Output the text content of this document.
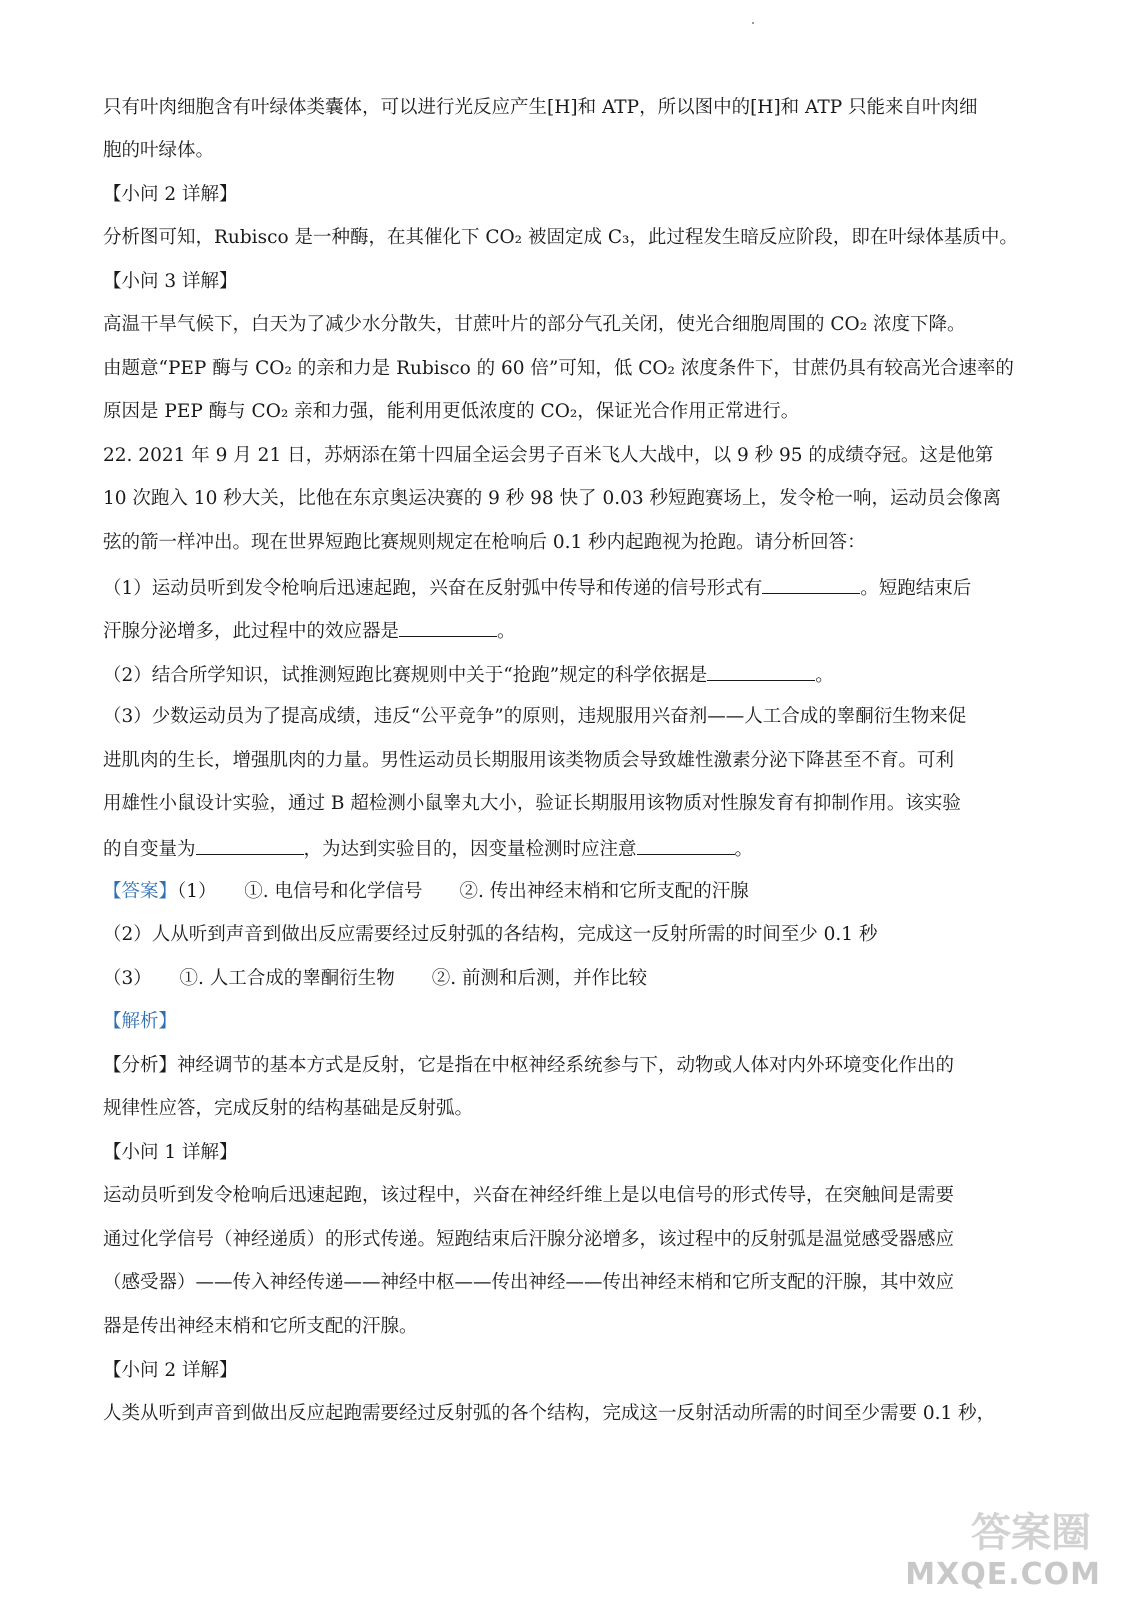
只有叶肉细胞含有叶绿体类囊体，可以进行光反应产生[H]和 ATP，所以图中的[H]和 ATP 只能来自叶肉细
胞的叶绿体。
【小问 2 详解】
分析图可知，Rubisco 是一种酶，在其催化下 CO₂ 被固定成 C₃，此过程发生暗反应阶段，即在叶绿体基质中。
【小问 3 详解】
高温干旱气候下，白天为了减少水分散失，甘蔗叶片的部分气孔关闭，使光合细胞周围的 CO₂ 浓度下降。
由题意“PEP 酶与 CO₂ 的亲和力是 Rubisco 的 60 倍”可知，低 CO₂ 浓度条件下，甘蔗仍具有较高光合速率的
原因是 PEP 酶与 CO₂ 亲和力强，能利用更低浓度的 CO₂，保证光合作用正常进行。
22. 2021 年 9 月 21 日，苏炳添在第十四届全运会男子百米飞人大战中，以 9 秒 95 的成绩夺冠。这是他第
10 次跑入 10 秒大关，比他在东京奥运决赛的 9 秒 98 快了 0.03 秒短跑赛场上，发令枪一响，运动员会像离
弦的箭一样冲出。现在世界短跑比赛规则规定在枪响后 0.1 秒内起跑视为抢跑。请分析回答：
（1）运动员听到发令枪响后迅速起跑，兴奋在反射弧中传导和传递的信号形式有	。短跑结束后
汗腺分泌增多，此过程中的效应器是	。
（2）结合所学知识，试推测短跑比赛规则中关于“抢跑”规定的科学依据是	。
（3）少数运动员为了提高成绩，违反“公平竞争”的原则，违规服用兴奋剂——人工合成的睾酮衍生物来促
进肌肉的生长，增强肌肉的力量。男性运动员长期服用该类物质会导致雄性激素分泌下降甚至不育。可利
用雄性小鼠设计实验，通过 B 超检测小鼠睾丸大小，验证长期服用该物质对性腺发育有抑制作用。该实验
的自变量为	，为达到实验目的，因变量检测时应注意	。
【答案】（1）　　①. 电信号和化学信号　　②. 传出神经末梢和它所支配的汗腺
（2）人从听到声音到做出反应需要经过反射弧的各结构，完成这一反射所需的时间至少 0.1 秒
（3）　　①. 人工合成的睾酮衍生物　　②. 前测和后测，并作比较
【解析】
【分析】神经调节的基本方式是反射，它是指在中枢神经系统参与下，动物或人体对内外环境变化作出的
规律性应答，完成反射的结构基础是反射弧。
【小问 1 详解】
运动员听到发令枪响后迅速起跑，该过程中，兴奋在神经纤维上是以电信号的形式传导，在突触间是需要
通过化学信号（神经递质）的形式传递。短跑结束后汗腺分泌增多，该过程中的反射弧是温觉感受器感应
（感受器）——传入神经传递——神经中枢——传出神经——传出神经末梢和它所支配的汗腺，其中效应
器是传出神经末梢和它所支配的汗腺。
【小问 2 详解】
人类从听到声音到做出反应起跑需要经过反射弧的各个结构，完成这一反射活动所需的时间至少需要 0.1 秒，
答案圈
MXQE.COM
